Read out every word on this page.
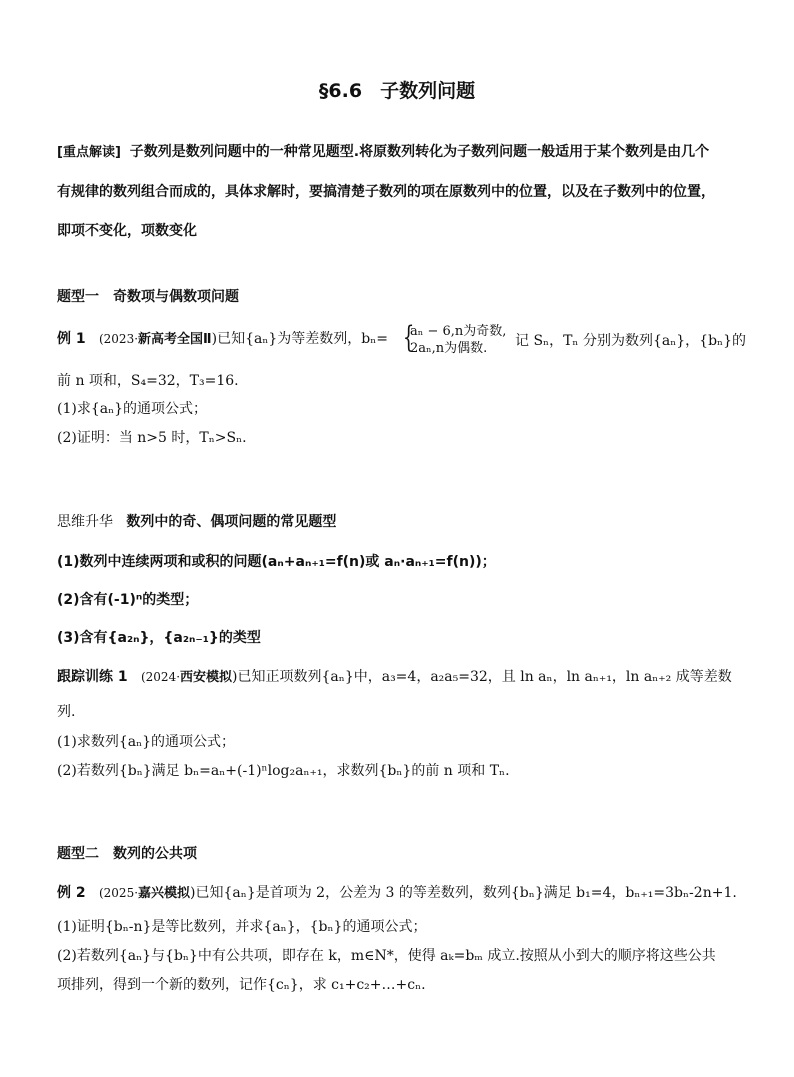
§6.6 子数列问题
[重点解读] 子数列是数列问题中的一种常见题型.将原数列转化为子数列问题一般适用于某个数列是由几个
有规律的数列组合而成的，具体求解时，要搞清楚子数列的项在原数列中的位置，以及在子数列中的位置，
即项不变化，项数变化
题型一　奇数项与偶数项问题
例 1 (2023·新高考全国Ⅱ)已知{aₙ}为等差数列，bₙ= {
aₙ − 6,n为奇数,
2aₙ,n为偶数. 记 Sₙ，Tₙ 分别为数列{aₙ}，{bₙ}的
前 n 项和，S₄=32，T₃=16.
(1)求{aₙ}的通项公式；
(2)证明：当 n>5 时，Tₙ>Sₙ.
思维升华 数列中的奇、偶项问题的常见题型
(1)数列中连续两项和或积的问题(aₙ+aₙ₊₁=f(n)或 aₙ·aₙ₊₁=f(n))；
(2)含有(-1)ⁿ的类型；
(3)含有{a₂ₙ}，{a₂ₙ₋₁}的类型
跟踪训练 1 (2024·西安模拟)已知正项数列{aₙ}中，a₃=4，a₂a₅=32，且 ln aₙ，ln aₙ₊₁，ln aₙ₊₂ 成等差数
列.
(1)求数列{aₙ}的通项公式；
(2)若数列{bₙ}满足 bₙ=aₙ+(-1)ⁿlog₂aₙ₊₁，求数列{bₙ}的前 n 项和 Tₙ.
题型二　数列的公共项
例 2 (2025·嘉兴模拟)已知{aₙ}是首项为 2，公差为 3 的等差数列，数列{bₙ}满足 b₁=4，bₙ₊₁=3bₙ-2n+1.
(1)证明{bₙ-n}是等比数列，并求{aₙ}，{bₙ}的通项公式；
(2)若数列{aₙ}与{bₙ}中有公共项，即存在 k，m∈N*，使得 aₖ=bₘ 成立.按照从小到大的顺序将这些公共
项排列，得到一个新的数列，记作{cₙ}，求 c₁+c₂+…+cₙ.
